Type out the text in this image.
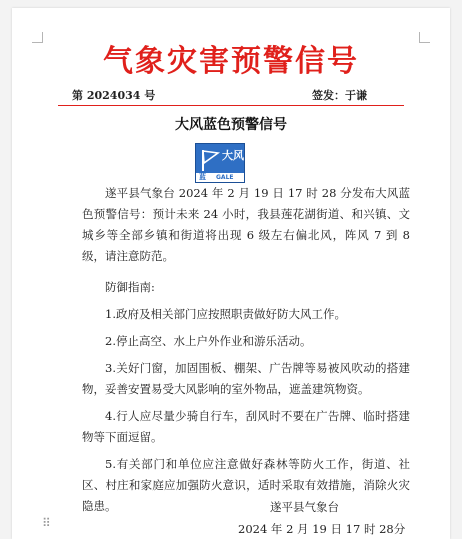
气象灾害预警信号
第 2024034 号	签发：于谦
大风蓝色预警信号
大风
蓝 GALE

遂平县气象台 2024 年 2 月 19 日 17 时 28 分发布大风蓝色预警信号：预计未来 24 小时，我县莲花湖街道、和兴镇、文城乡等全部乡镇和街道将出现 6 级左右偏北风，阵风 7 到 8 级，请注意防范。

防御指南:

1.政府及相关部门应按照职责做好防大风工作。

2.停止高空、水上户外作业和游乐活动。

3.关好门窗，加固围板、棚架、广告牌等易被风吹动的搭建物，妥善安置易受大风影响的室外物品，遮盖建筑物资。

4.行人应尽量少骑自行车，刮风时不要在广告牌、临时搭建物等下面逗留。

5.有关部门和单位应注意做好森林等防火工作，街道、社区、村庄和家庭应加强防火意识，适时采取有效措施，消除火灾隐患。	遂平县气象台
2024 年 2 月 19 日 17 时 28分
⠿
